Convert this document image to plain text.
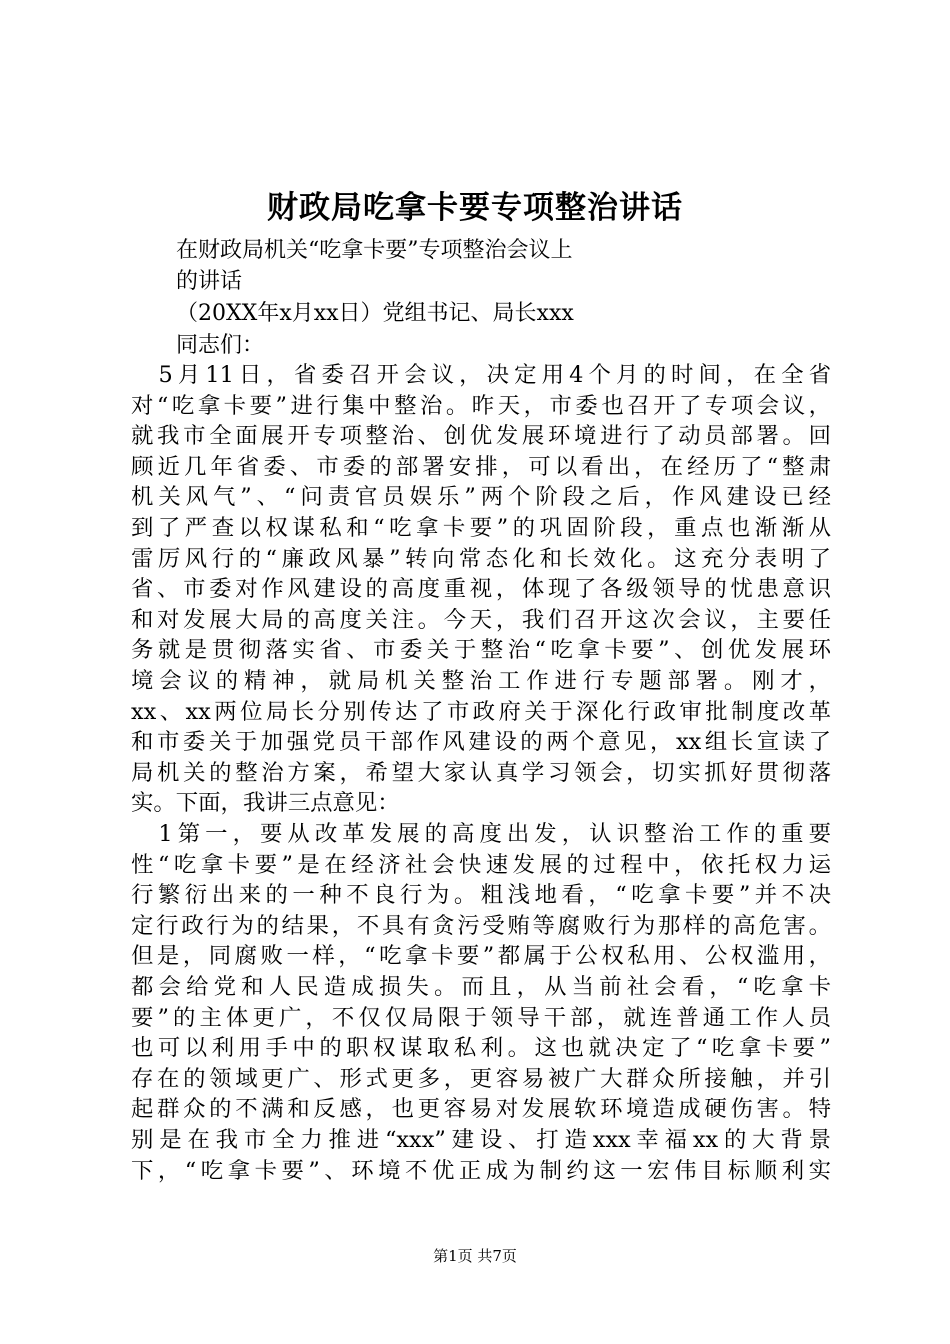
财政局吃拿卡要专项整治讲话
在财政局机关“吃拿卡要”专项整治会议上
的讲话
（20XX年x月xx日）党组书记、局长xxx
同志们：
　5月11日，省委召开会议，决定用4个月的时间，在全省
对“吃拿卡要”进行集中整治。昨天，市委也召开了专项会议，
就我市全面展开专项整治、创优发展环境进行了动员部署。回
顾近几年省委、市委的部署安排，可以看出，在经历了“整肃
机关风气”、“问责官员娱乐”两个阶段之后，作风建设已经
到了严查以权谋私和“吃拿卡要”的巩固阶段，重点也渐渐从
雷厉风行的“廉政风暴”转向常态化和长效化。这充分表明了
省、市委对作风建设的高度重视，体现了各级领导的忧患意识
和对发展大局的高度关注。今天，我们召开这次会议，主要任
务就是贯彻落实省、市委关于整治“吃拿卡要”、创优发展环
境会议的精神，就局机关整治工作进行专题部署。刚才，
xx、xx两位局长分别传达了市政府关于深化行政审批制度改革
和市委关于加强党员干部作风建设的两个意见，xx组长宣读了
局机关的整治方案，希望大家认真学习领会，切实抓好贯彻落
实。下面，我讲三点意见：
　1第一，要从改革发展的高度出发，认识整治工作的重要
性“吃拿卡要”是在经济社会快速发展的过程中，依托权力运
行繁衍出来的一种不良行为。粗浅地看，“吃拿卡要”并不决
定行政行为的结果，不具有贪污受贿等腐败行为那样的高危害。
但是，同腐败一样，“吃拿卡要”都属于公权私用、公权滥用，
都会给党和人民造成损失。而且，从当前社会看，“吃拿卡
要”的主体更广，不仅仅局限于领导干部，就连普通工作人员
也可以利用手中的职权谋取私利。这也就决定了“吃拿卡要”
存在的领域更广、形式更多，更容易被广大群众所接触，并引
起群众的不满和反感，也更容易对发展软环境造成硬伤害。特
别是在我市全力推进“xxx”建设、打造xxx幸福xx的大背景
下，“吃拿卡要”、环境不优正成为制约这一宏伟目标顺利实
第1页 共7页
